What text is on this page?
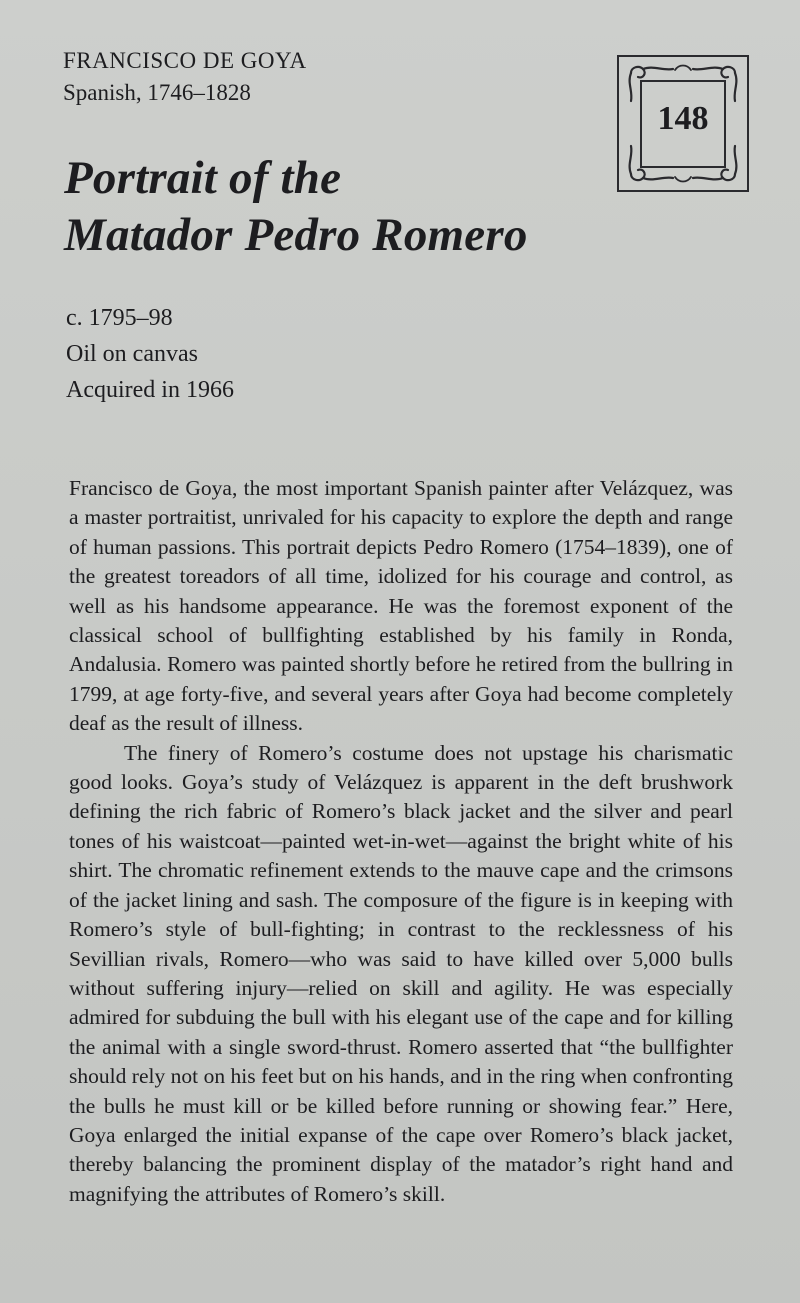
FRANCISCO DE GOYA
Spanish, 1746–1828
Portrait of the
Matador Pedro Romero
148
c. 1795–98
Oil on canvas
Acquired in 1966

Francisco de Goya, the most important Spanish painter after Velázquez, was a master portraitist, unrivaled for his capacity to explore the depth and range of human passions. This portrait depicts Pedro Romero (1754–1839), one of the greatest toreadors of all time, idolized for his courage and control, as well as his handsome appearance. He was the foremost exponent of the classical school of bullfighting established by his family in Ronda, Andalusia. Romero was painted shortly before he retired from the bullring in 1799, at age forty-five, and several years after Goya had become completely deaf as the result of illness.

The finery of Romero’s costume does not upstage his charismatic good looks. Goya’s study of Velázquez is apparent in the deft brushwork defining the rich fabric of Romero’s black jacket and the silver and pearl tones of his waistcoat—painted wet-in-wet—against the bright white of his shirt. The chromatic refinement extends to the mauve cape and the crimsons of the jacket lining and sash. The composure of the figure is in keeping with Romero’s style of bull-fighting; in contrast to the recklessness of his Sevillian rivals, Romero—who was said to have killed over 5,000 bulls without suffering injury—relied on skill and agility. He was especially admired for subduing the bull with his elegant use of the cape and for killing the animal with a single sword-thrust. Romero asserted that “the bullfighter should rely not on his feet but on his hands, and in the ring when confronting the bulls he must kill or be killed before running or showing fear.” Here, Goya enlarged the initial expanse of the cape over Romero’s black jacket, thereby balancing the prominent display of the matador’s right hand and magnifying the attributes of Romero’s skill.
